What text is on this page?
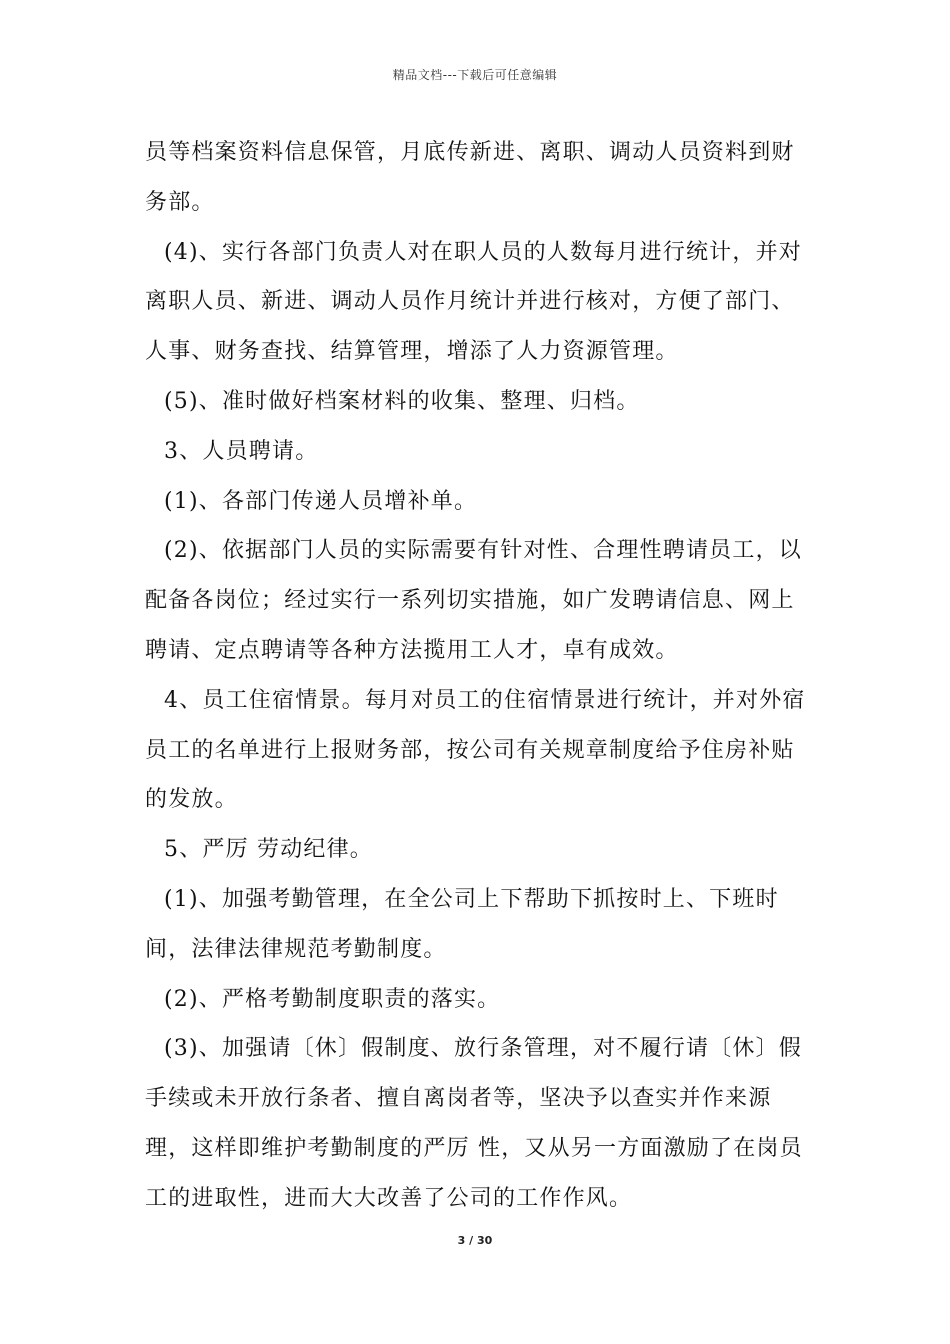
精品文档---下载后可任意编辑

员等档案资料信息保管，月底传新进、离职、调动人员资料到财务部。

(4)、实行各部门负责人对在职人员的人数每月进行统计，并对离职人员、新进、调动人员作月统计并进行核对，方便了部门、人事、财务查找、结算管理，增添了人力资源管理。

(5)、准时做好档案材料的收集、整理、归档。

3、人员聘请。

(1)、各部门传递人员增补单。

(2)、依据部门人员的实际需要有针对性、合理性聘请员工，以配备各岗位；经过实行一系列切实措施，如广发聘请信息、网上聘请、定点聘请等各种方法揽用工人才，卓有成效。

4、员工住宿情景。每月对员工的住宿情景进行统计，并对外宿员工的名单进行上报财务部，按公司有关规章制度给予住房补贴的发放。

5、严厉 劳动纪律。

(1)、加强考勤管理，在全公司上下帮助下抓按时上、下班时间，法律法律规范考勤制度。

(2)、严格考勤制度职责的落实。

(3)、加强请〔休〕假制度、放行条管理，对不履行请〔休〕假手续或未开放行条者、擅自离岗者等，坚决予以查实并作来源理，这样即维护考勤制度的严厉 性，又从另一方面激励了在岗员工的进取性，进而大大改善了公司的工作作风。

3 / 30
